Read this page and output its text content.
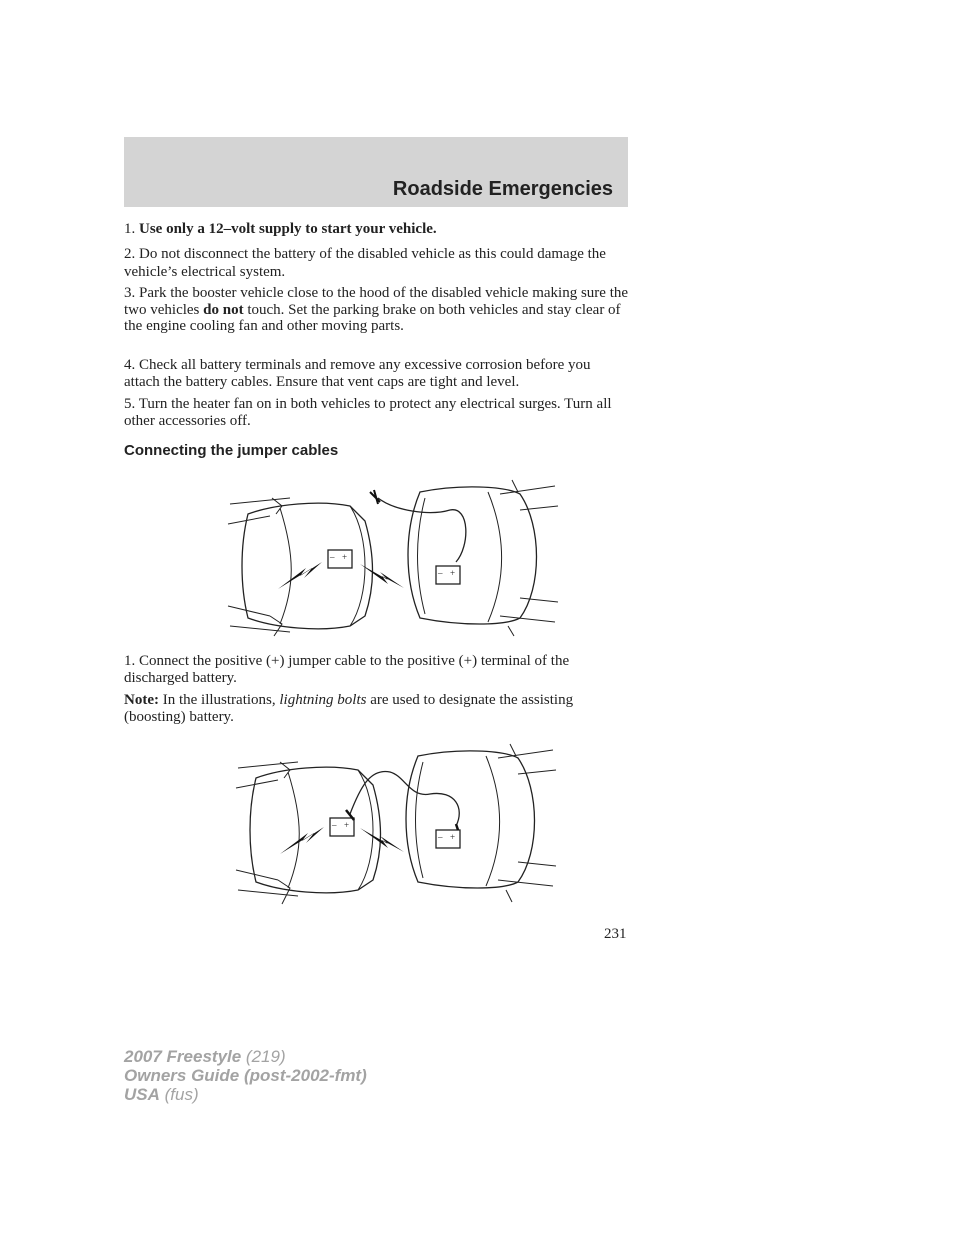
Roadside Emergencies

1. Use only a 12–volt supply to start your vehicle.

2. Do not disconnect the battery of the disabled vehicle as this could damage the vehicle’s electrical system.

3. Park the booster vehicle close to the hood of the disabled vehicle making sure the two vehicles do not touch. Set the parking brake on both vehicles and stay clear of the engine cooling fan and other moving parts.

4. Check all battery terminals and remove any excessive corrosion before you attach the battery cables. Ensure that vent caps are tight and level.

5. Turn the heater fan on in both vehicles to protect any electrical surges. Turn all other accessories off.

Connecting the jumper cables
– +
– +

1. Connect the positive (+) jumper cable to the positive (+) terminal of the discharged battery.

Note: In the illustrations, lightning bolts are used to designate the assisting (boosting) battery.

– +
– +
231
2007 Freestyle (219)
Owners Guide (post-2002-fmt)
USA (fus)
